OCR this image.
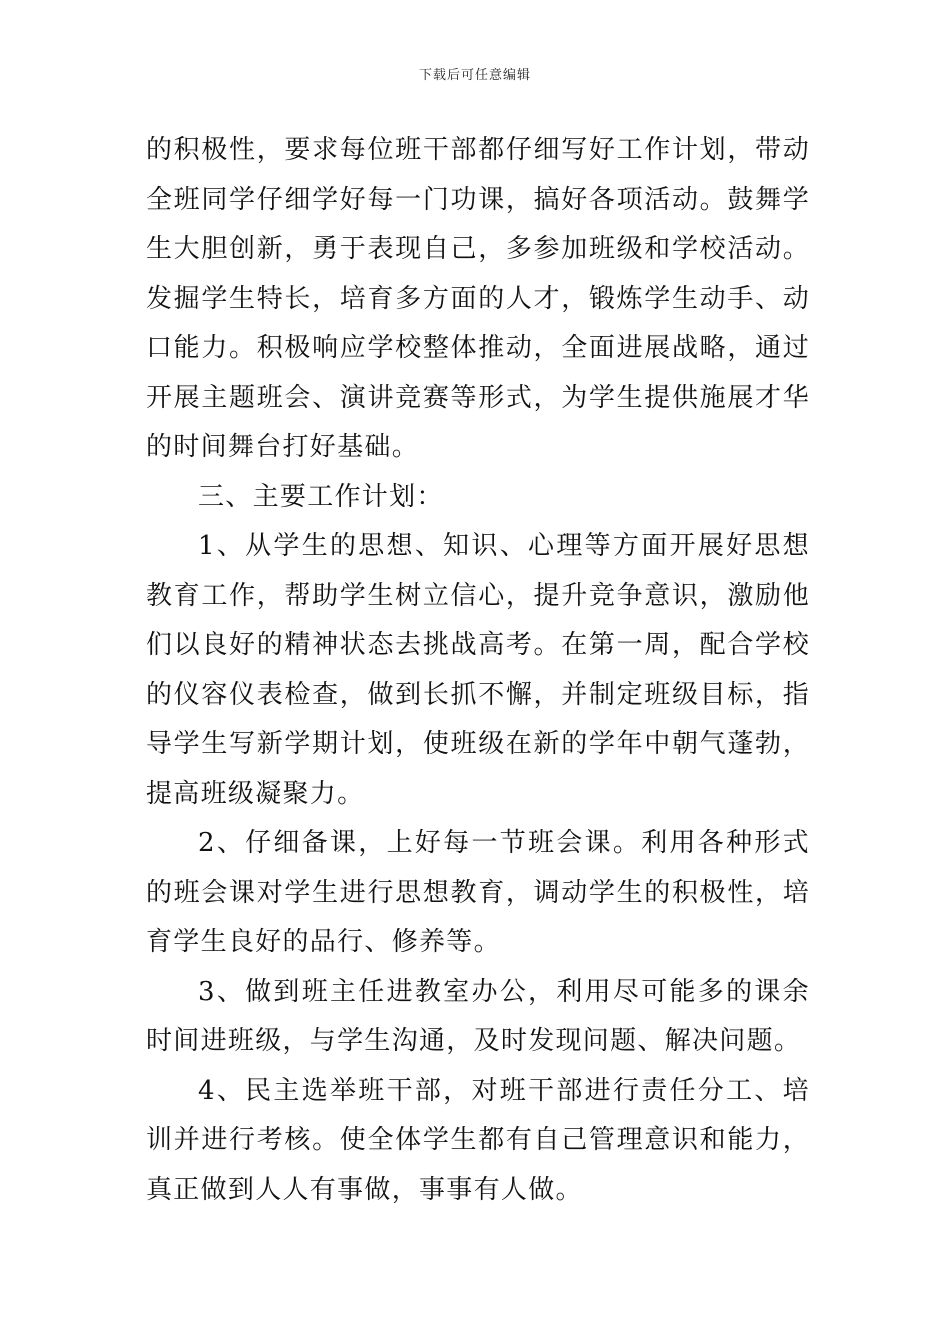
下载后可任意编辑

的积极性，要求每位班干部都仔细写好工作计划，带动全班同学仔细学好每一门功课，搞好各项活动。鼓舞学生大胆创新，勇于表现自己，多参加班级和学校活动。发掘学生特长，培育多方面的人才，锻炼学生动手、动口能力。积极响应学校整体推动，全面进展战略，通过开展主题班会、演讲竞赛等形式，为学生提供施展才华的时间舞台打好基础。

三、主要工作计划：

1、从学生的思想、知识、心理等方面开展好思想教育工作，帮助学生树立信心，提升竞争意识，激励他们以良好的精神状态去挑战高考。在第一周，配合学校的仪容仪表检查，做到长抓不懈，并制定班级目标，指导学生写新学期计划，使班级在新的学年中朝气蓬勃，提高班级凝聚力。

2、仔细备课，上好每一节班会课。利用各种形式的班会课对学生进行思想教育，调动学生的积极性，培育学生良好的品行、修养等。

3、做到班主任进教室办公，利用尽可能多的课余时间进班级，与学生沟通，及时发现问题、解决问题。

4、民主选举班干部，对班干部进行责任分工、培训并进行考核。使全体学生都有自己管理意识和能力，真正做到人人有事做，事事有人做。
